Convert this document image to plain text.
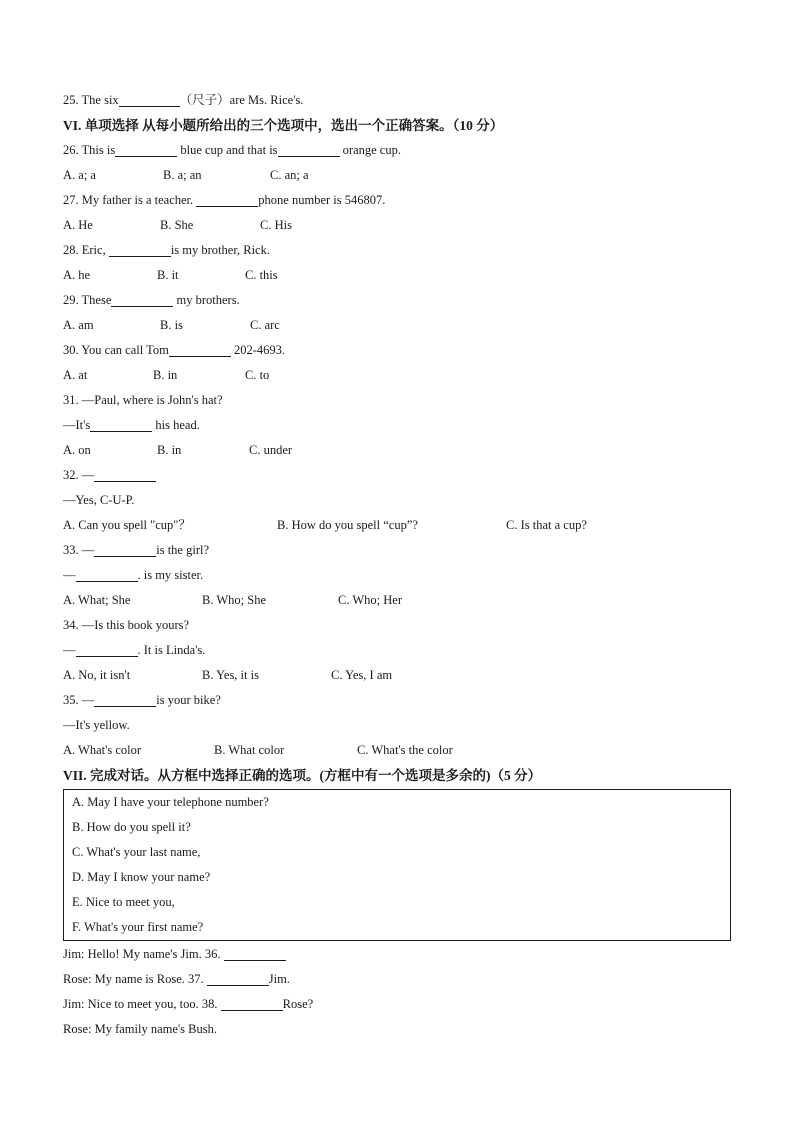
25. The six	（尺子）are Ms. Rice's.
VI. 单项选择 从每小题所给出的三个选项中，选出一个正确答案。（10 分）
26. This is	blue cup and that is	orange cup.
A. a; a	B. a; an	C. an; a
27. My father is a teacher.	phone number is 546807.
A. He	B. She	C. His
28. Eric,	is my brother, Rick.
A. he	B. it	C. this
29. These	my brothers.
A. am	B. is	C. arc
30. You can call Tom	202-4693.
A. at	B. in	C. to
31. —Paul, where is John's hat?
—It's	his head.
A. on	B. in	C. under
32. —
—Yes, C-U-P.
A. Can you spell "cup"？	B. How do you spell “cup”?	C. Is that a cup?
33. —	is the girl?
—	. is my sister.
A. What; She	B. Who; She	C. Who; Her
34. —Is this book yours?
—	. It is Linda's.
A. No, it isn't	B. Yes, it is	C. Yes, I am
35. —	is your bike?
—It's yellow.
A. What's color	B. What color	C. What's the color
VII. 完成对话。从方框中选择正确的选项。(方框中有一个选项是多余的)（5 分）
A. May I have your telephone number?
B. How do you spell it?
C. What's your last name,
D. May I know your name?
E. Nice to meet you,
F. What's your first name?
Jim: Hello! My name's Jim. 36.
Rose: My name is Rose. 37.	Jim.
Jim: Nice to meet you, too. 38.	Rose?
Rose: My family name's Bush.
